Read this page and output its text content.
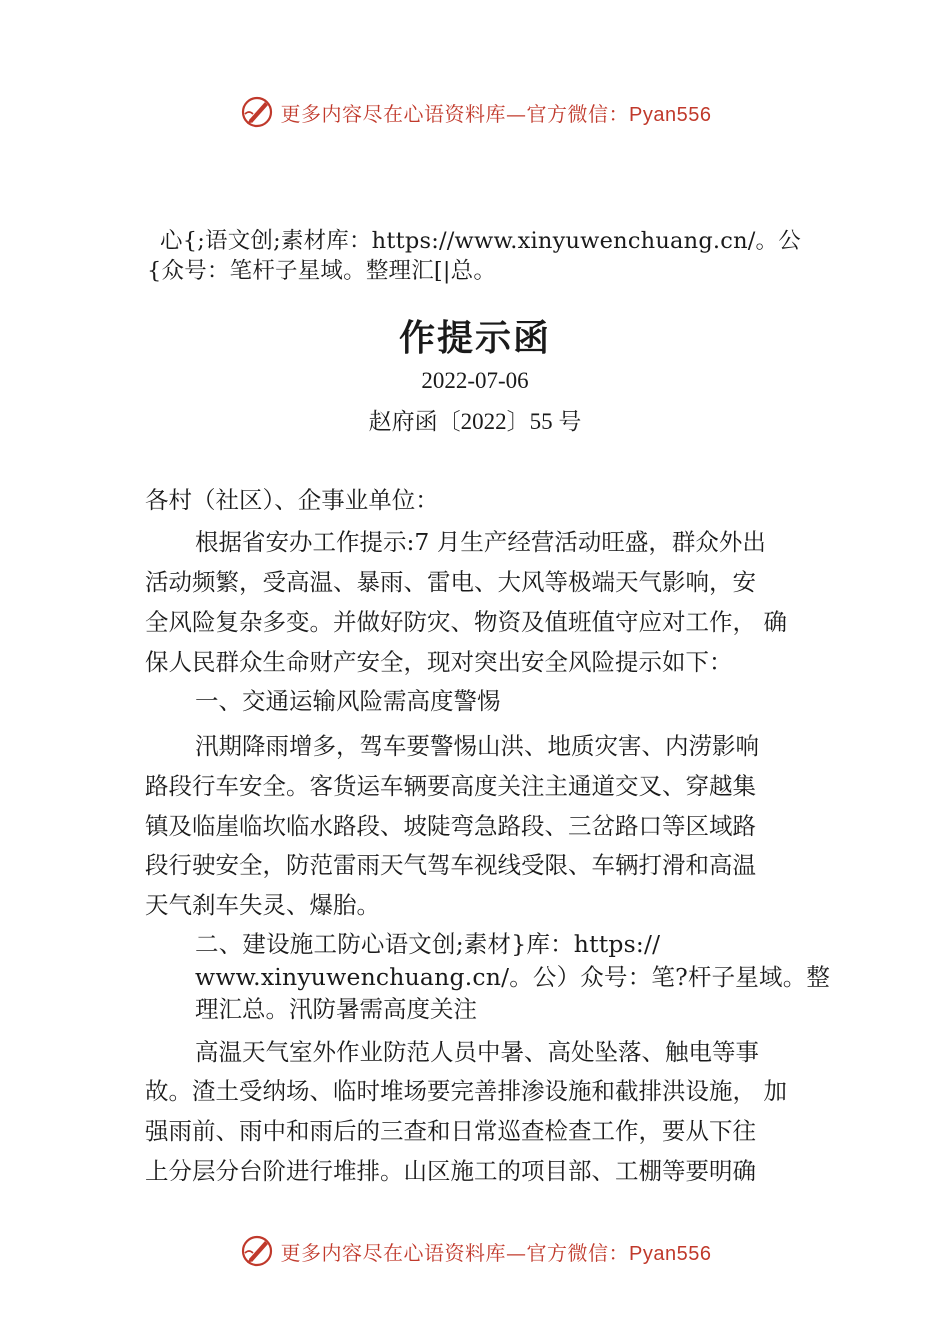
更多内容尽在心语资料库—官方微信：Pyan556
心{;语文创;素材库：https://www.xinyuwenchuang.cn/。公
{众号：笔杆子星域。整理汇[|总。
作提示函
2022-07-06
赵府函〔2022〕55 号
各村（社区）、企事业单位：
根据省安办工作提示:7 月生产经营活动旺盛，群众外出
活动频繁，受高温、暴雨、雷电、大风等极端天气影响，安
全风险复杂多变。并做好防灾、物资及值班值守应对工作， 确
保人民群众生命财产安全，现对突出安全风险提示如下：
一、交通运输风险需高度警惕
汛期降雨增多，驾车要警惕山洪、地质灾害、内涝影响
路段行车安全。客货运车辆要高度关注主通道交叉、穿越集
镇及临崖临坎临水路段、坡陡弯急路段、三岔路口等区域路
段行驶安全，防范雷雨天气驾车视线受限、车辆打滑和高温
天气刹车失灵、爆胎。
二、建设施工防心语文创;素材}库：https://
www.xinyuwenchuang.cn/。公）众号：笔?杆子星域。整
理汇总。汛防暑需高度关注
高温天气室外作业防范人员中暑、高处坠落、触电等事
故。渣土受纳场、临时堆场要完善排渗设施和截排洪设施， 加
强雨前、雨中和雨后的三查和日常巡查检查工作，要从下往
上分层分台阶进行堆排。山区施工的项目部、工棚等要明确
更多内容尽在心语资料库—官方微信：Pyan556
